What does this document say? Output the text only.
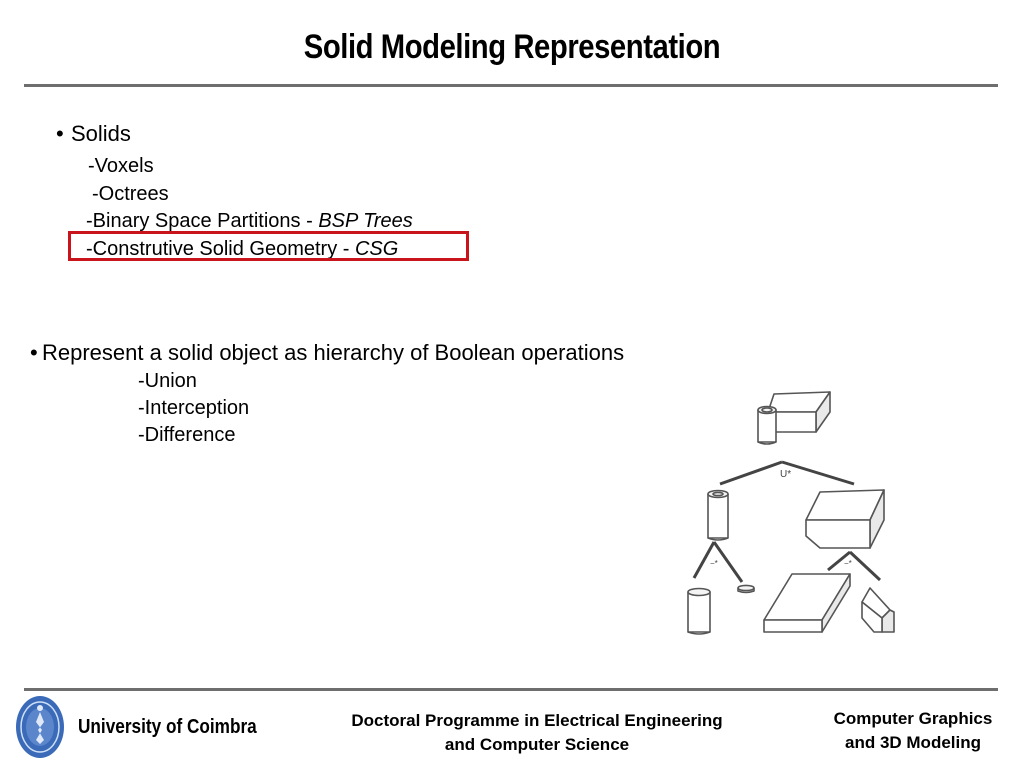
Solid Modeling Representation
• Solids
-Voxels
-Octrees
-Binary Space Partitions - BSP Trees
-Construtive Solid Geometry - CSG
• Represent a solid object as hierarchy of Boolean operations
-Union
-Interception
-Difference
U*
−*	−*
University of Coimbra	Doctoral Programme in Electrical Engineering
and Computer Science
Computer Graphics
and 3D Modeling
